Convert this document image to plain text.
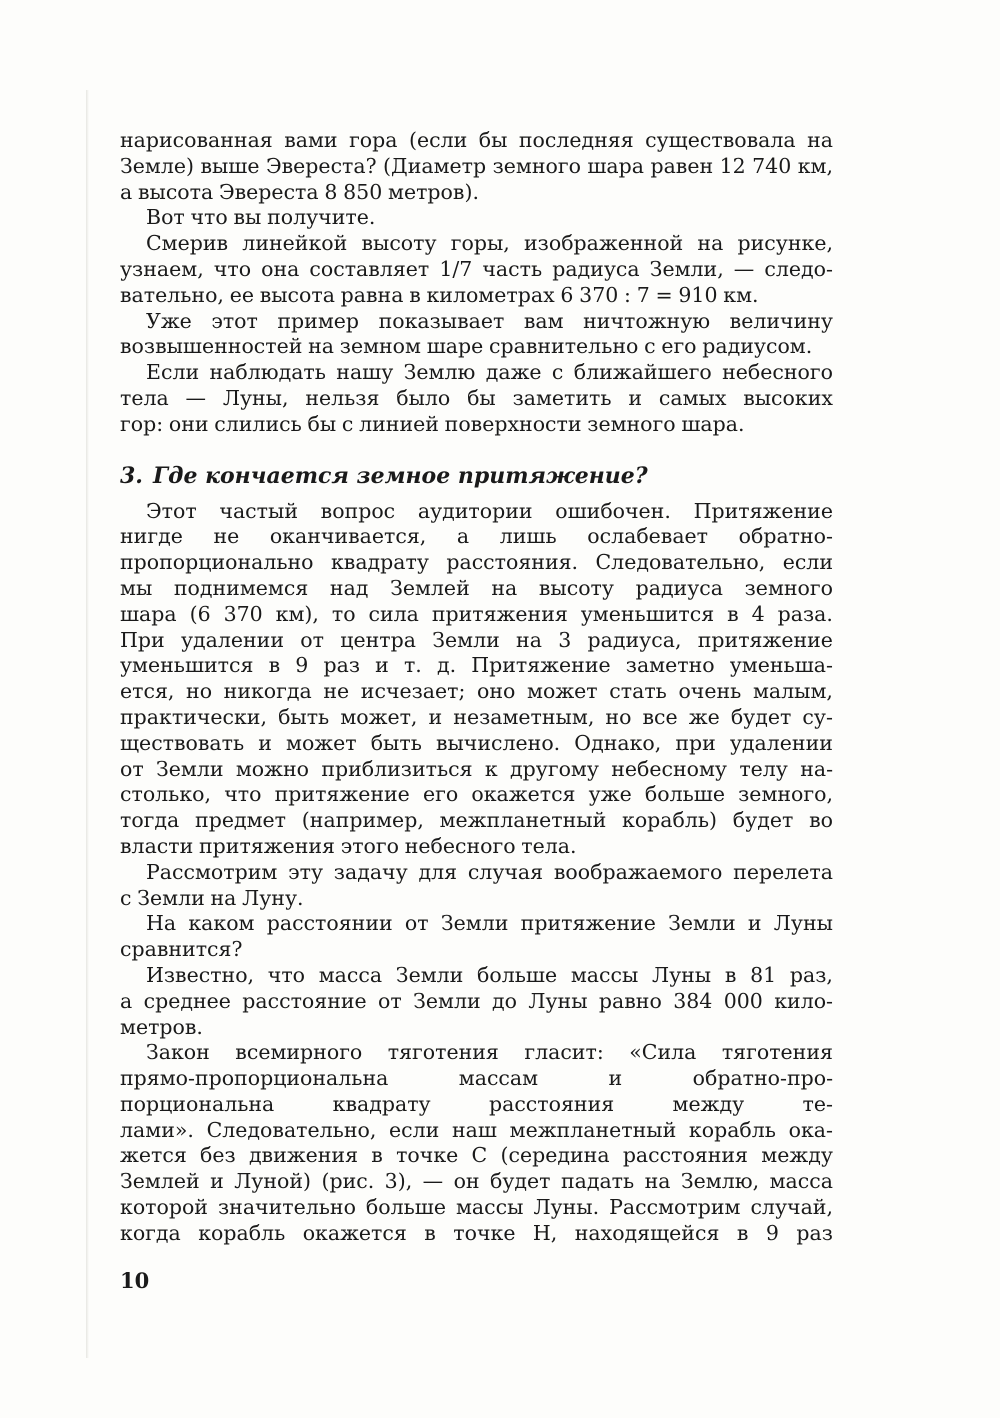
нарисованная вами гора (если бы последняя существовала на
Земле) выше Эвереста? (Диаметр земного шара равен 12 740 км,
а высота Эвереста 8 850 метров).
Вот что вы получите.
Смерив линейкой высоту горы, изображенной на рисунке,
узнаем, что она составляет 1/7 часть радиуса Земли, — следо-
вательно, ее высота равна в километрах 6 370 : 7 = 910 км.
Уже этот пример показывает вам ничтожную величину
возвышенностей на земном шаре сравнительно с его радиусом.
Если наблюдать нашу Землю даже с ближайшего небесного
тела — Луны, нельзя было бы заметить и самых высоких
гор: они слились бы с линией поверхности земного шара.
3. Где кончается земное притяжение?
Этот частый вопрос аудитории ошибочен. Притяжение
нигде не оканчивается, а лишь ослабевает обратно-
пропорционально квадрату расстояния. Следовательно, если
мы поднимемся над Землей на высоту радиуса земного
шара (6 370 км), то сила притяжения уменьшится в 4 раза.
При удалении от центра Земли на 3 радиуса, притяжение
уменьшится в 9 раз и т. д. Притяжение заметно уменьша-
ется, но никогда не исчезает; оно может стать очень малым,
практически, быть может, и незаметным, но все же будет су-
ществовать и может быть вычислено. Однако, при удалении
от Земли можно приблизиться к другому небесному телу на-
столько, что притяжение его окажется уже больше земного,
тогда предмет (например, межпланетный корабль) будет во
власти притяжения этого небесного тела.
Рассмотрим эту задачу для случая воображаемого перелета
с Земли на Луну.
На каком расстоянии от Земли притяжение Земли и Луны
сравнится?
Известно, что масса Земли больше массы Луны в 81 раз,
а среднее расстояние от Земли до Луны равно 384 000 кило-
метров.
Закон всемирного тяготения гласит: «Сила тяготения
прямо-пропорциональна	массам	и	обратно-про-
порциональна	квадрату	расстояния	между	те-
лами». Следовательно, если наш межпланетный корабль ока-
жется без движения в точке C (середина расстояния между
Землей и Луной) (рис. 3), — он будет падать на Землю, масса
которой значительно больше массы Луны. Рассмотрим случай,
когда корабль окажется в точке H, находящейся в 9 раз
10
